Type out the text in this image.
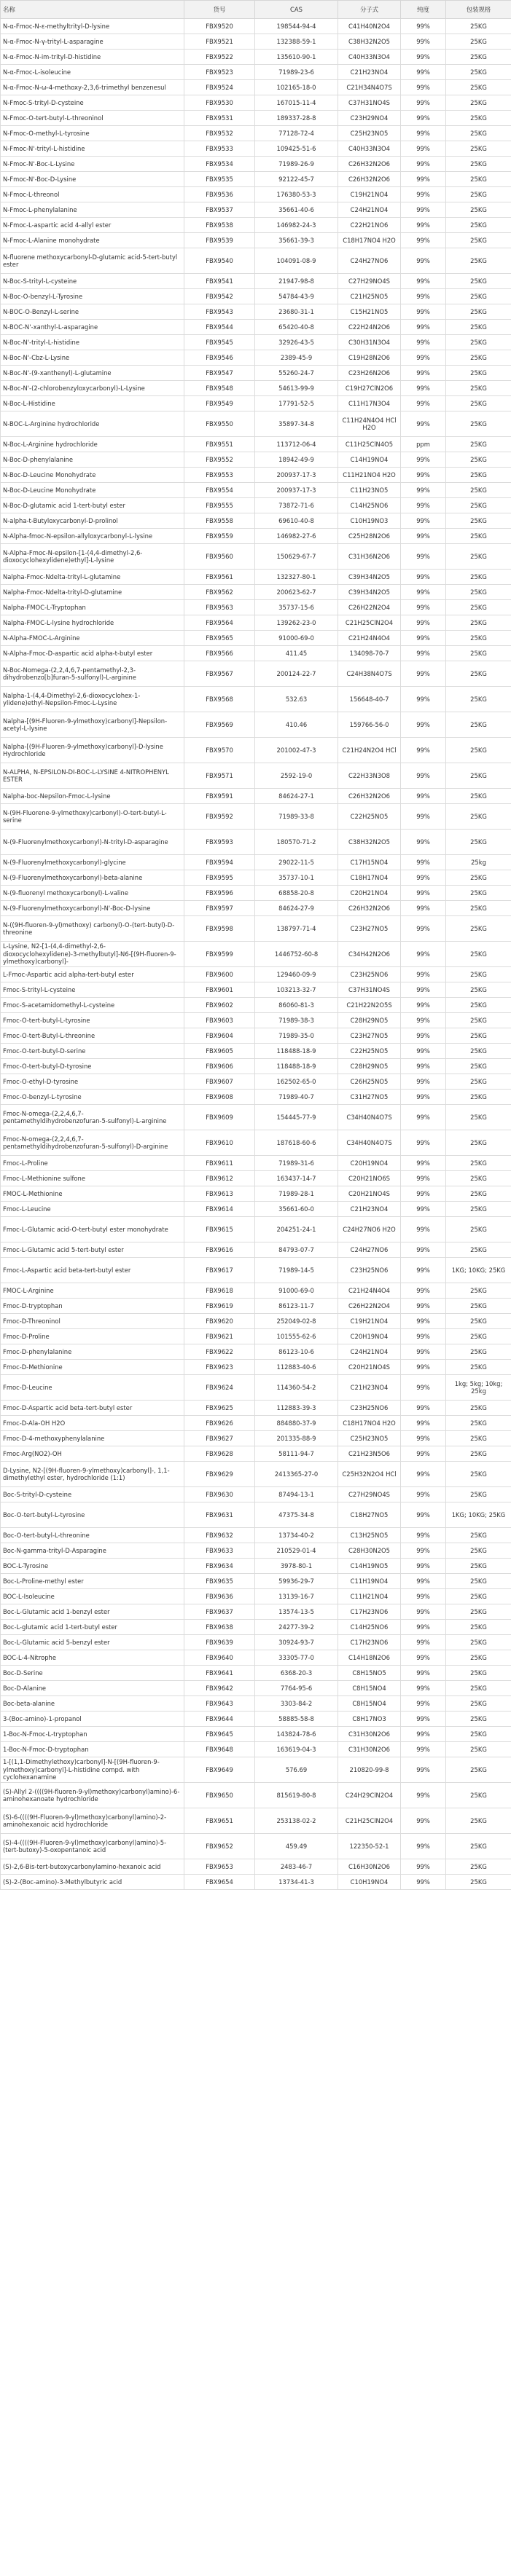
名称	货号	CAS	分子式	纯度	包装规格
N-α-Fmoc-N-ε-methyltrityl-D-lysine	FBX9520	198544-94-4	C41H40N2O4	99%	25KG
N-α-Fmoc-N-γ-trityl-L-asparagine	FBX9521	132388-59-1	C38H32N2O5	99%	25KG
N-α-Fmoc-N-im-trityl-D-histidine	FBX9522	135610-90-1	C40H33N3O4	99%	25KG
N-α-Fmoc-L-isoleucine	FBX9523	71989-23-6	C21H23NO4	99%	25KG
N-α-Fmoc-N-ω-4-methoxy-2,3,6-trimethyl benzenesul	FBX9524	102165-18-0	C21H34N4O7S	99%	25KG
N-Fmoc-S-trityl-D-cysteine	FBX9530	167015-11-4	C37H31NO4S	99%	25KG
N-Fmoc-O-tert-butyl-L-threoninol	FBX9531	189337-28-8	C23H29NO4	99%	25KG
N-Fmoc-O-methyl-L-tyrosine	FBX9532	77128-72-4	C25H23NO5	99%	25KG
N-Fmoc-N'-trityl-L-histidine	FBX9533	109425-51-6	C40H33N3O4	99%	25KG
N-Fmoc-N'-Boc-L-Lysine	FBX9534	71989-26-9	C26H32N2O6	99%	25KG
N-Fmoc-N'-Boc-D-Lysine	FBX9535	92122-45-7	C26H32N2O6	99%	25KG
N-Fmoc-L-threonol	FBX9536	176380-53-3	C19H21NO4	99%	25KG
N-Fmoc-L-phenylalanine	FBX9537	35661-40-6	C24H21NO4	99%	25KG
N-Fmoc-L-aspartic acid 4-allyl ester	FBX9538	146982-24-3	C22H21NO6	99%	25KG
N-Fmoc-L-Alanine monohydrate	FBX9539	35661-39-3	C18H17NO4 H2O	99%	25KG
N-fluorene methoxycarbonyl-D-glutamic acid-5-tert-butyl ester	FBX9540	104091-08-9	C24H27NO6	99%	25KG
N-Boc-S-trityl-L-cysteine	FBX9541	21947-98-8	C27H29NO4S	99%	25KG
N-Boc-O-benzyl-L-Tyrosine	FBX9542	54784-43-9	C21H25NO5	99%	25KG
N-BOC-O-Benzyl-L-serine	FBX9543	23680-31-1	C15H21NO5	99%	25KG
N-BOC-N'-xanthyl-L-asparagine	FBX9544	65420-40-8	C22H24N2O6	99%	25KG
N-Boc-N'-trityl-L-histidine	FBX9545	32926-43-5	C30H31N3O4	99%	25KG
N-Boc-N'-Cbz-L-Lysine	FBX9546	2389-45-9	C19H28N2O6	99%	25KG
N-Boc-N'-(9-xanthenyl)-L-glutamine	FBX9547	55260-24-7	C23H26N2O6	99%	25KG
N-Boc-N'-(2-chlorobenzyloxycarbonyl)-L-Lysine	FBX9548	54613-99-9	C19H27ClN2O6	99%	25KG
N-Boc-L-Histidine	FBX9549	17791-52-5	C11H17N3O4	99%	25KG
N-BOC-L-Arginine hydrochloride	FBX9550	35897-34-8	C11H24N4O4 HCl H2O	99%	25KG
N-Boc-L-Arginine hydrochloride	FBX9551	113712-06-4	C11H25ClN4O5	ppm	25KG
N-Boc-D-phenylalanine	FBX9552	18942-49-9	C14H19NO4	99%	25KG
N-Boc-D-Leucine Monohydrate	FBX9553	200937-17-3	C11H21NO4 H2O	99%	25KG
N-Boc-D-Leucine Monohydrate	FBX9554	200937-17-3	C11H23NO5	99%	25KG
N-Boc-D-glutamic acid 1-tert-butyl ester	FBX9555	73872-71-6	C14H25NO6	99%	25KG
N-alpha-t-Butyloxycarbonyl-D-prolinol	FBX9558	69610-40-8	C10H19NO3	99%	25KG
N-Alpha-fmoc-N-epsilon-allyloxycarbonyl-L-lysine	FBX9559	146982-27-6	C25H28N2O6	99%	25KG
N-Alpha-Fmoc-N-epsilon-[1-(4,4-dimethyl-2,6-dioxocyclohexylidene)ethyl]-L-lysine	FBX9560	150629-67-7	C31H36N2O6	99%	25KG
Nalpha-Fmoc-Ndelta-trityl-L-glutamine	FBX9561	132327-80-1	C39H34N2O5	99%	25KG
Nalpha-Fmoc-Ndelta-trityl-D-glutamine	FBX9562	200623-62-7	C39H34N2O5	99%	25KG
Nalpha-FMOC-L-Tryptophan	FBX9563	35737-15-6	C26H22N2O4	99%	25KG
Nalpha-FMOC-L-lysine hydrochloride	FBX9564	139262-23-0	C21H25ClN2O4	99%	25KG
N-Alpha-FMOC-L-Arginine	FBX9565	91000-69-0	C21H24N4O4	99%	25KG
N-Alpha-Fmoc-D-aspartic acid alpha-t-butyl ester	FBX9566	411.45	134098-70-7	99%	25KG
N-Boc-Nomega-(2,2,4,6,7-pentamethyl-2,3-dihydrobenzo[b]furan-5-sulfonyl)-L-arginine	FBX9567	200124-22-7	C24H38N4O7S	99%	25KG
Nalpha-1-(4,4-Dimethyl-2,6-dioxocyclohex-1-ylidene)ethyl-Nepsilon-Fmoc-L-Lysine	FBX9568	532.63	156648-40-7	99%	25KG
Nalpha-[(9H-Fluoren-9-ylmethoxy)carbonyl]-Nepsilon-acetyl-L-lysine	FBX9569	410.46	159766-56-0	99%	25KG
Nalpha-[(9H-Fluoren-9-ylmethoxy)carbonyl]-D-lysine Hydrochloride	FBX9570	201002-47-3	C21H24N2O4 HCl	99%	25KG
N-ALPHA, N-EPSILON-DI-BOC-L-LYSINE 4-NITROPHENYL ESTER	FBX9571	2592-19-0	C22H33N3O8	99%	25KG
Nalpha-boc-Nepsilon-Fmoc-L-lysine	FBX9591	84624-27-1	C26H32N2O6	99%	25KG
N-(9H-Fluorene-9-ylmethoxy)carbonyl)-O-tert-butyl-L-serine	FBX9592	71989-33-8	C22H25NO5	99%	25KG
N-(9-Fluorenylmethoxycarbonyl)-N-trityl-D-asparagine	FBX9593	180570-71-2	C38H32N2O5	99%	25KG
N-(9-Fluorenylmethoxycarbonyl)-glycine	FBX9594	29022-11-5	C17H15NO4	99%	25kg
N-(9-Fluorenylmethoxycarbonyl)-beta-alanine	FBX9595	35737-10-1	C18H17NO4	99%	25KG
N-(9-fluorenyl methoxycarbonyl)-L-valine	FBX9596	68858-20-8	C20H21NO4	99%	25KG
N-(9-Fluorenylmethoxycarbonyl)-N'-Boc-D-lysine	FBX9597	84624-27-9	C26H32N2O6	99%	25KG
N-((9H-fluoren-9-yl)methoxy) carbonyl)-O-(tert-butyl)-D-threonine	FBX9598	138797-71-4	C23H27NO5	99%	25KG
L-Lysine, N2-[1-(4,4-dimethyl-2,6-dioxocyclohexylidene)-3-methylbutyl]-N6-[(9H-fluoren-9-ylmethoxy)carbonyl]-	FBX9599	1446752-60-8	C34H42N2O6	99%	25KG
L-Fmoc-Aspartic acid alpha-tert-butyl ester	FBX9600	129460-09-9	C23H25NO6	99%	25KG
Fmoc-S-trityl-L-cysteine	FBX9601	103213-32-7	C37H31NO4S	99%	25KG
Fmoc-S-acetamidomethyl-L-cysteine	FBX9602	86060-81-3	C21H22N2O5S	99%	25KG
Fmoc-O-tert-butyl-L-tyrosine	FBX9603	71989-38-3	C28H29NO5	99%	25KG
Fmoc-O-tert-Butyl-L-threonine	FBX9604	71989-35-0	C23H27NO5	99%	25KG
Fmoc-O-tert-butyl-D-serine	FBX9605	118488-18-9	C22H25NO5	99%	25KG
Fmoc-O-tert-butyl-D-tyrosine	FBX9606	118488-18-9	C28H29NO5	99%	25KG
Fmoc-O-ethyl-D-tyrosine	FBX9607	162502-65-0	C26H25NO5	99%	25KG
Fmoc-O-benzyl-L-tyrosine	FBX9608	71989-40-7	C31H27NO5	99%	25KG
Fmoc-N-omega-(2,2,4,6,7-pentamethyldihydrobenzofuran-5-sulfonyl)-L-arginine	FBX9609	154445-77-9	C34H40N4O7S	99%	25KG
Fmoc-N-omega-(2,2,4,6,7-pentamethyldihydrobenzofuran-5-sulfonyl)-D-arginine	FBX9610	187618-60-6	C34H40N4O7S	99%	25KG
Fmoc-L-Proline	FBX9611	71989-31-6	C20H19NO4	99%	25KG
Fmoc-L-Methionine sulfone	FBX9612	163437-14-7	C20H21NO6S	99%	25KG
FMOC-L-Methionine	FBX9613	71989-28-1	C20H21NO4S	99%	25KG
Fmoc-L-Leucine	FBX9614	35661-60-0	C21H23NO4	99%	25KG
Fmoc-L-Glutamic acid-O-tert-butyl ester monohydrate	FBX9615	204251-24-1	C24H27NO6 H2O	99%	25KG
Fmoc-L-Glutamic acid 5-tert-butyl ester	FBX9616	84793-07-7	C24H27NO6	99%	25KG
Fmoc-L-Aspartic acid beta-tert-butyl ester	FBX9617	71989-14-5	C23H25NO6	99%	1KG; 10KG; 25KG
FMOC-L-Arginine	FBX9618	91000-69-0	C21H24N4O4	99%	25KG
Fmoc-D-tryptophan	FBX9619	86123-11-7	C26H22N2O4	99%	25KG
Fmoc-D-Threoninol	FBX9620	252049-02-8	C19H21NO4	99%	25KG
Fmoc-D-Proline	FBX9621	101555-62-6	C20H19NO4	99%	25KG
Fmoc-D-phenylalanine	FBX9622	86123-10-6	C24H21NO4	99%	25KG
Fmoc-D-Methionine	FBX9623	112883-40-6	C20H21NO4S	99%	25KG
Fmoc-D-Leucine	FBX9624	114360-54-2	C21H23NO4	99%	1kg; 5kg; 10kg; 25kg
Fmoc-D-Aspartic acid beta-tert-butyl ester	FBX9625	112883-39-3	C23H25NO6	99%	25KG
Fmoc-D-Ala-OH H2O	FBX9626	884880-37-9	C18H17NO4 H2O	99%	25KG
Fmoc-D-4-methoxyphenylalanine	FBX9627	201335-88-9	C25H23NO5	99%	25KG
Fmoc-Arg(NO2)-OH	FBX9628	58111-94-7	C21H23N5O6	99%	25KG
D-Lysine, N2-[(9H-fluoren-9-ylmethoxy)carbonyl]-, 1,1-dimethylethyl ester, hydrochloride (1:1)	FBX9629	2413365-27-0	C25H32N2O4 HCl	99%	25KG
Boc-S-trityl-D-cysteine	FBX9630	87494-13-1	C27H29NO4S	99%	25KG
Boc-O-tert-butyl-L-tyrosine	FBX9631	47375-34-8	C18H27NO5	99%	1KG; 10KG; 25KG
Boc-O-tert-butyl-L-threonine	FBX9632	13734-40-2	C13H25NO5	99%	25KG
Boc-N-gamma-trityl-D-Asparagine	FBX9633	210529-01-4	C28H30N2O5	99%	25KG
BOC-L-Tyrosine	FBX9634	3978-80-1	C14H19NO5	99%	25KG
Boc-L-Proline-methyl ester	FBX9635	59936-29-7	C11H19NO4	99%	25KG
BOC-L-Isoleucine	FBX9636	13139-16-7	C11H21NO4	99%	25KG
Boc-L-Glutamic acid 1-benzyl ester	FBX9637	13574-13-5	C17H23NO6	99%	25KG
Boc-L-glutamic acid 1-tert-butyl ester	FBX9638	24277-39-2	C14H25NO6	99%	25KG
Boc-L-Glutamic acid 5-benzyl ester	FBX9639	30924-93-7	C17H23NO6	99%	25KG
BOC-L-4-Nitrophe	FBX9640	33305-77-0	C14H18N2O6	99%	25KG
Boc-D-Serine	FBX9641	6368-20-3	C8H15NO5	99%	25KG
Boc-D-Alanine	FBX9642	7764-95-6	C8H15NO4	99%	25KG
Boc-beta-alanine	FBX9643	3303-84-2	C8H15NO4	99%	25KG
3-(Boc-amino)-1-propanol	FBX9644	58885-58-8	C8H17NO3	99%	25KG
1-Boc-N-Fmoc-L-tryptophan	FBX9645	143824-78-6	C31H30N2O6	99%	25KG
1-Boc-N-Fmoc-D-tryptophan	FBX9648	163619-04-3	C31H30N2O6	99%	25KG
1-[(1,1-Dimethylethoxy)carbonyl]-N-[(9H-fluoren-9-ylmethoxy)carbonyl]-L-histidine compd. with cyclohexanamine	FBX9649	576.69	210820-99-8	99%	25KG
(S)-Allyl 2-((((9H-fluoren-9-yl)methoxy)carbonyl)amino)-6-aminohexanoate hydrochloride	FBX9650	815619-80-8	C24H29ClN2O4	99%	25KG
(S)-6-((((9H-Fluoren-9-yl)methoxy)carbonyl)amino)-2-aminohexanoic acid hydrochloride	FBX9651	253138-02-2	C21H25ClN2O4	99%	25KG
(S)-4-((((9H-Fluoren-9-yl)methoxy)carbonyl)amino)-5-(tert-butoxy)-5-oxopentanoic acid	FBX9652	459.49	122350-52-1	99%	25KG
(S)-2,6-Bis-tert-butoxycarbonylamino-hexanoic acid	FBX9653	2483-46-7	C16H30N2O6	99%	25KG
(S)-2-(Boc-amino)-3-Methylbutyric acid	FBX9654	13734-41-3	C10H19NO4	99%	25KG
